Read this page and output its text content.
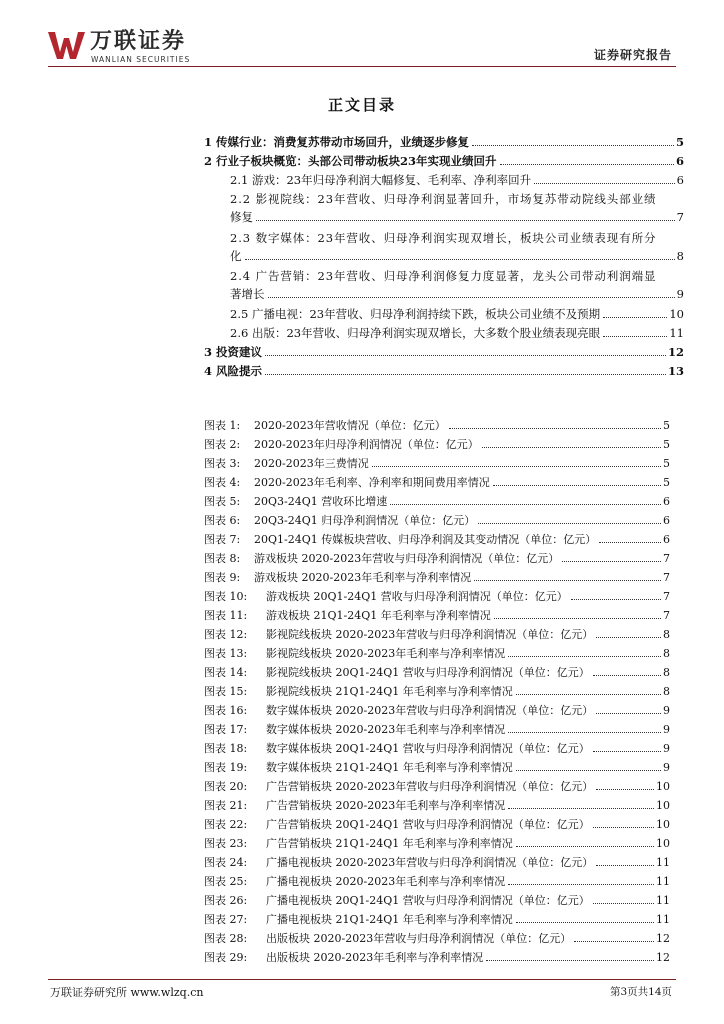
万联证券
WANLIAN SECURITIES	证券研究报告
正文目录
1 传媒行业：消费复苏带动市场回升，业绩逐步修复	5
2 行业子板块概览：头部公司带动板块23年实现业绩回升	6
2.1 游戏：23年归母净利润大幅修复、毛利率、净利率回升	6
2.2 影视院线：23年营收、归母净利润显著回升，市场复苏带动院线头部业绩
修复	7
2.3 数字媒体：23年营收、归母净利润实现双增长，板块公司业绩表现有所分
化	8
2.4 广告营销：23年营收、归母净利润修复力度显著，龙头公司带动利润端显
著增长	9
2.5 广播电视：23年营收、归母净利润持续下跌，板块公司业绩不及预期	10
2.6 出版：23年营收、归母净利润实现双增长，大多数个股业绩表现亮眼	11
3 投资建议	12
4 风险提示	13
图表 1:	2020-2023年营收情况（单位：亿元）	5
图表 2:	2020-2023年归母净利润情况（单位：亿元）	5
图表 3:	2020-2023年三费情况	5
图表 4:	2020-2023年毛利率、净利率和期间费用率情况	5
图表 5:	20Q3-24Q1 营收环比增速	6
图表 6:	20Q3-24Q1 归母净利润情况（单位：亿元）	6
图表 7:	20Q1-24Q1 传媒板块营收、归母净利润及其变动情况（单位：亿元）	6
图表 8:	游戏板块 2020-2023年营收与归母净利润情况（单位：亿元）	7
图表 9:	游戏板块 2020-2023年毛利率与净利率情况	7
图表 10:	游戏板块 20Q1-24Q1 营收与归母净利润情况（单位：亿元）	7
图表 11:	游戏板块 21Q1-24Q1 年毛利率与净利率情况	7
图表 12:	影视院线板块 2020-2023年营收与归母净利润情况（单位：亿元）	8
图表 13:	影视院线板块 2020-2023年毛利率与净利率情况	8
图表 14:	影视院线板块 20Q1-24Q1 营收与归母净利润情况（单位：亿元）	8
图表 15:	影视院线板块 21Q1-24Q1 年毛利率与净利率情况	8
图表 16:	数字媒体板块 2020-2023年营收与归母净利润情况（单位：亿元）	9
图表 17:	数字媒体板块 2020-2023年毛利率与净利率情况	9
图表 18:	数字媒体板块 20Q1-24Q1 营收与归母净利润情况（单位：亿元）	9
图表 19:	数字媒体板块 21Q1-24Q1 年毛利率与净利率情况	9
图表 20:	广告营销板块 2020-2023年营收与归母净利润情况（单位：亿元）	10
图表 21:	广告营销板块 2020-2023年毛利率与净利率情况	10
图表 22:	广告营销板块 20Q1-24Q1 营收与归母净利润情况（单位：亿元）	10
图表 23:	广告营销板块 21Q1-24Q1 年毛利率与净利率情况	10
图表 24:	广播电视板块 2020-2023年营收与归母净利润情况（单位：亿元）	11
图表 25:	广播电视板块 2020-2023年毛利率与净利率情况	11
图表 26:	广播电视板块 20Q1-24Q1 营收与归母净利润情况（单位：亿元）	11
图表 27:	广播电视板块 21Q1-24Q1 年毛利率与净利率情况	11
图表 28:	出版板块 2020-2023年营收与归母净利润情况（单位：亿元）	12
图表 29:	出版板块 2020-2023年毛利率与净利率情况	12
万联证券研究所 www.wlzq.cn	第3页共14页
